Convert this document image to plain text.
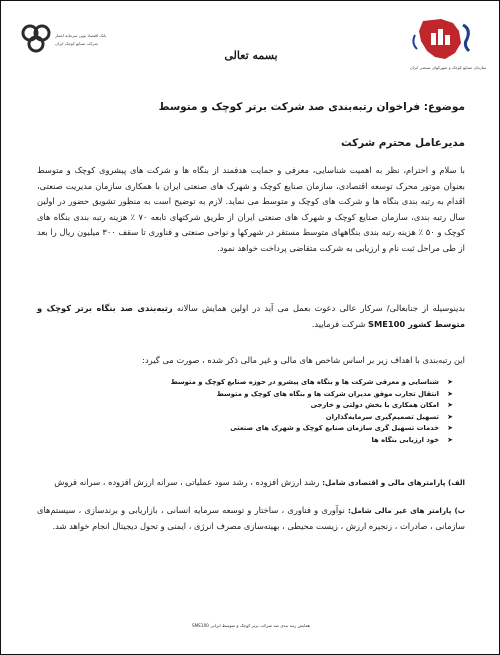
بانک اقتصاد نوین سرمایه اعتبار
شرکت صنایع کوچک ایران
سازمان صنایع کوچک و شهرکهای صنعتی ایران
بسمه تعالی
موضوع: فراخوان رتبه‌بندی صد شرکت برتر کوچک و متوسط
مدیرعامل محترم شرکت
با سلام و احترام، نظر به اهمیت شناسایی، معرفی و حمایت هدفمند از بنگاه ها و شرکت های پیشروی کوچک و متوسط بعنوان موتور محرک توسعه اقتصادی، سازمان صنایع کوچک و شهرک های صنعتی ایران با همکاری سازمان مدیریت صنعتی، اقدام به رتبه بندی بنگاه ها و شرکت های کوچک و متوسط می نماید. لازم به توضیح است به منظور تشویق حضور در اولین سال رتبه بندی، سازمان صنایع کوچک و شهرک های صنعتی ایران از طریق شرکتهای تابعه ۷۰ ٪ هزینه رتبه بندی بنگاه های کوچک و ۵۰ ٪ هزینه رتبه بندی بنگاههای متوسط مستقر در شهرکها و نواحی صنعتی و فناوری تا سقف ۳۰۰ میلیون ریال را بعد از طی مراحل ثبت نام و ارزیابی به شرکت متقاضی پرداخت خواهد نمود.
بدینوسیله از جنابعالی/ سرکار عالی دعوت بعمل می آید در اولین همایش سالانه رتبه‌بندی صد بنگاه برتر کوچک و متوسط کشور SME100 شرکت فرمایید.
این رتبه‌بندی با اهداف زیر بر اساس شاخص های مالی و غیر مالی ذکر شده ، صورت می گیرد:
➤
شناسایی و معرفی شرکت ها و بنگاه های پیشرو در حوزه صنایع کوچک و متوسط
➤
انتقال تجارب موفق مدیران شرکت ها و بنگاه های کوچک و متوسط
➤
امکان همکاری با بخش دولتی و خارجی
➤
تسهیل تصمیم‌گیری سرمایه‌گذاران
➤
خدمات تسهیل گری سازمان صنایع کوچک و شهرک های صنعتی
➤
خود ارزیابی بنگاه ها
الف) پارامترهای مالی و اقتصادی شامل: رشد ارزش افزوده ، رشد سود عملیاتی ، سرانه ارزش افزوده ، سرانه فروش
ب) پارامتر های غیر مالی شامل: نوآوری و فناوری ، ساختار و توسعه سرمایه انسانی ، بازاریابی و برندسازی ، سیستم‌های سازمانی ، صادرات ، زنجیره ارزش ، زیست محیطی ، بهینه‌سازی مصرف انرژی ، ایمنی و تحول دیجیتال انجام خواهد شد.
همایش رتبه بندی صد شرکت برتر کوچک و متوسط ایرانی SME100
